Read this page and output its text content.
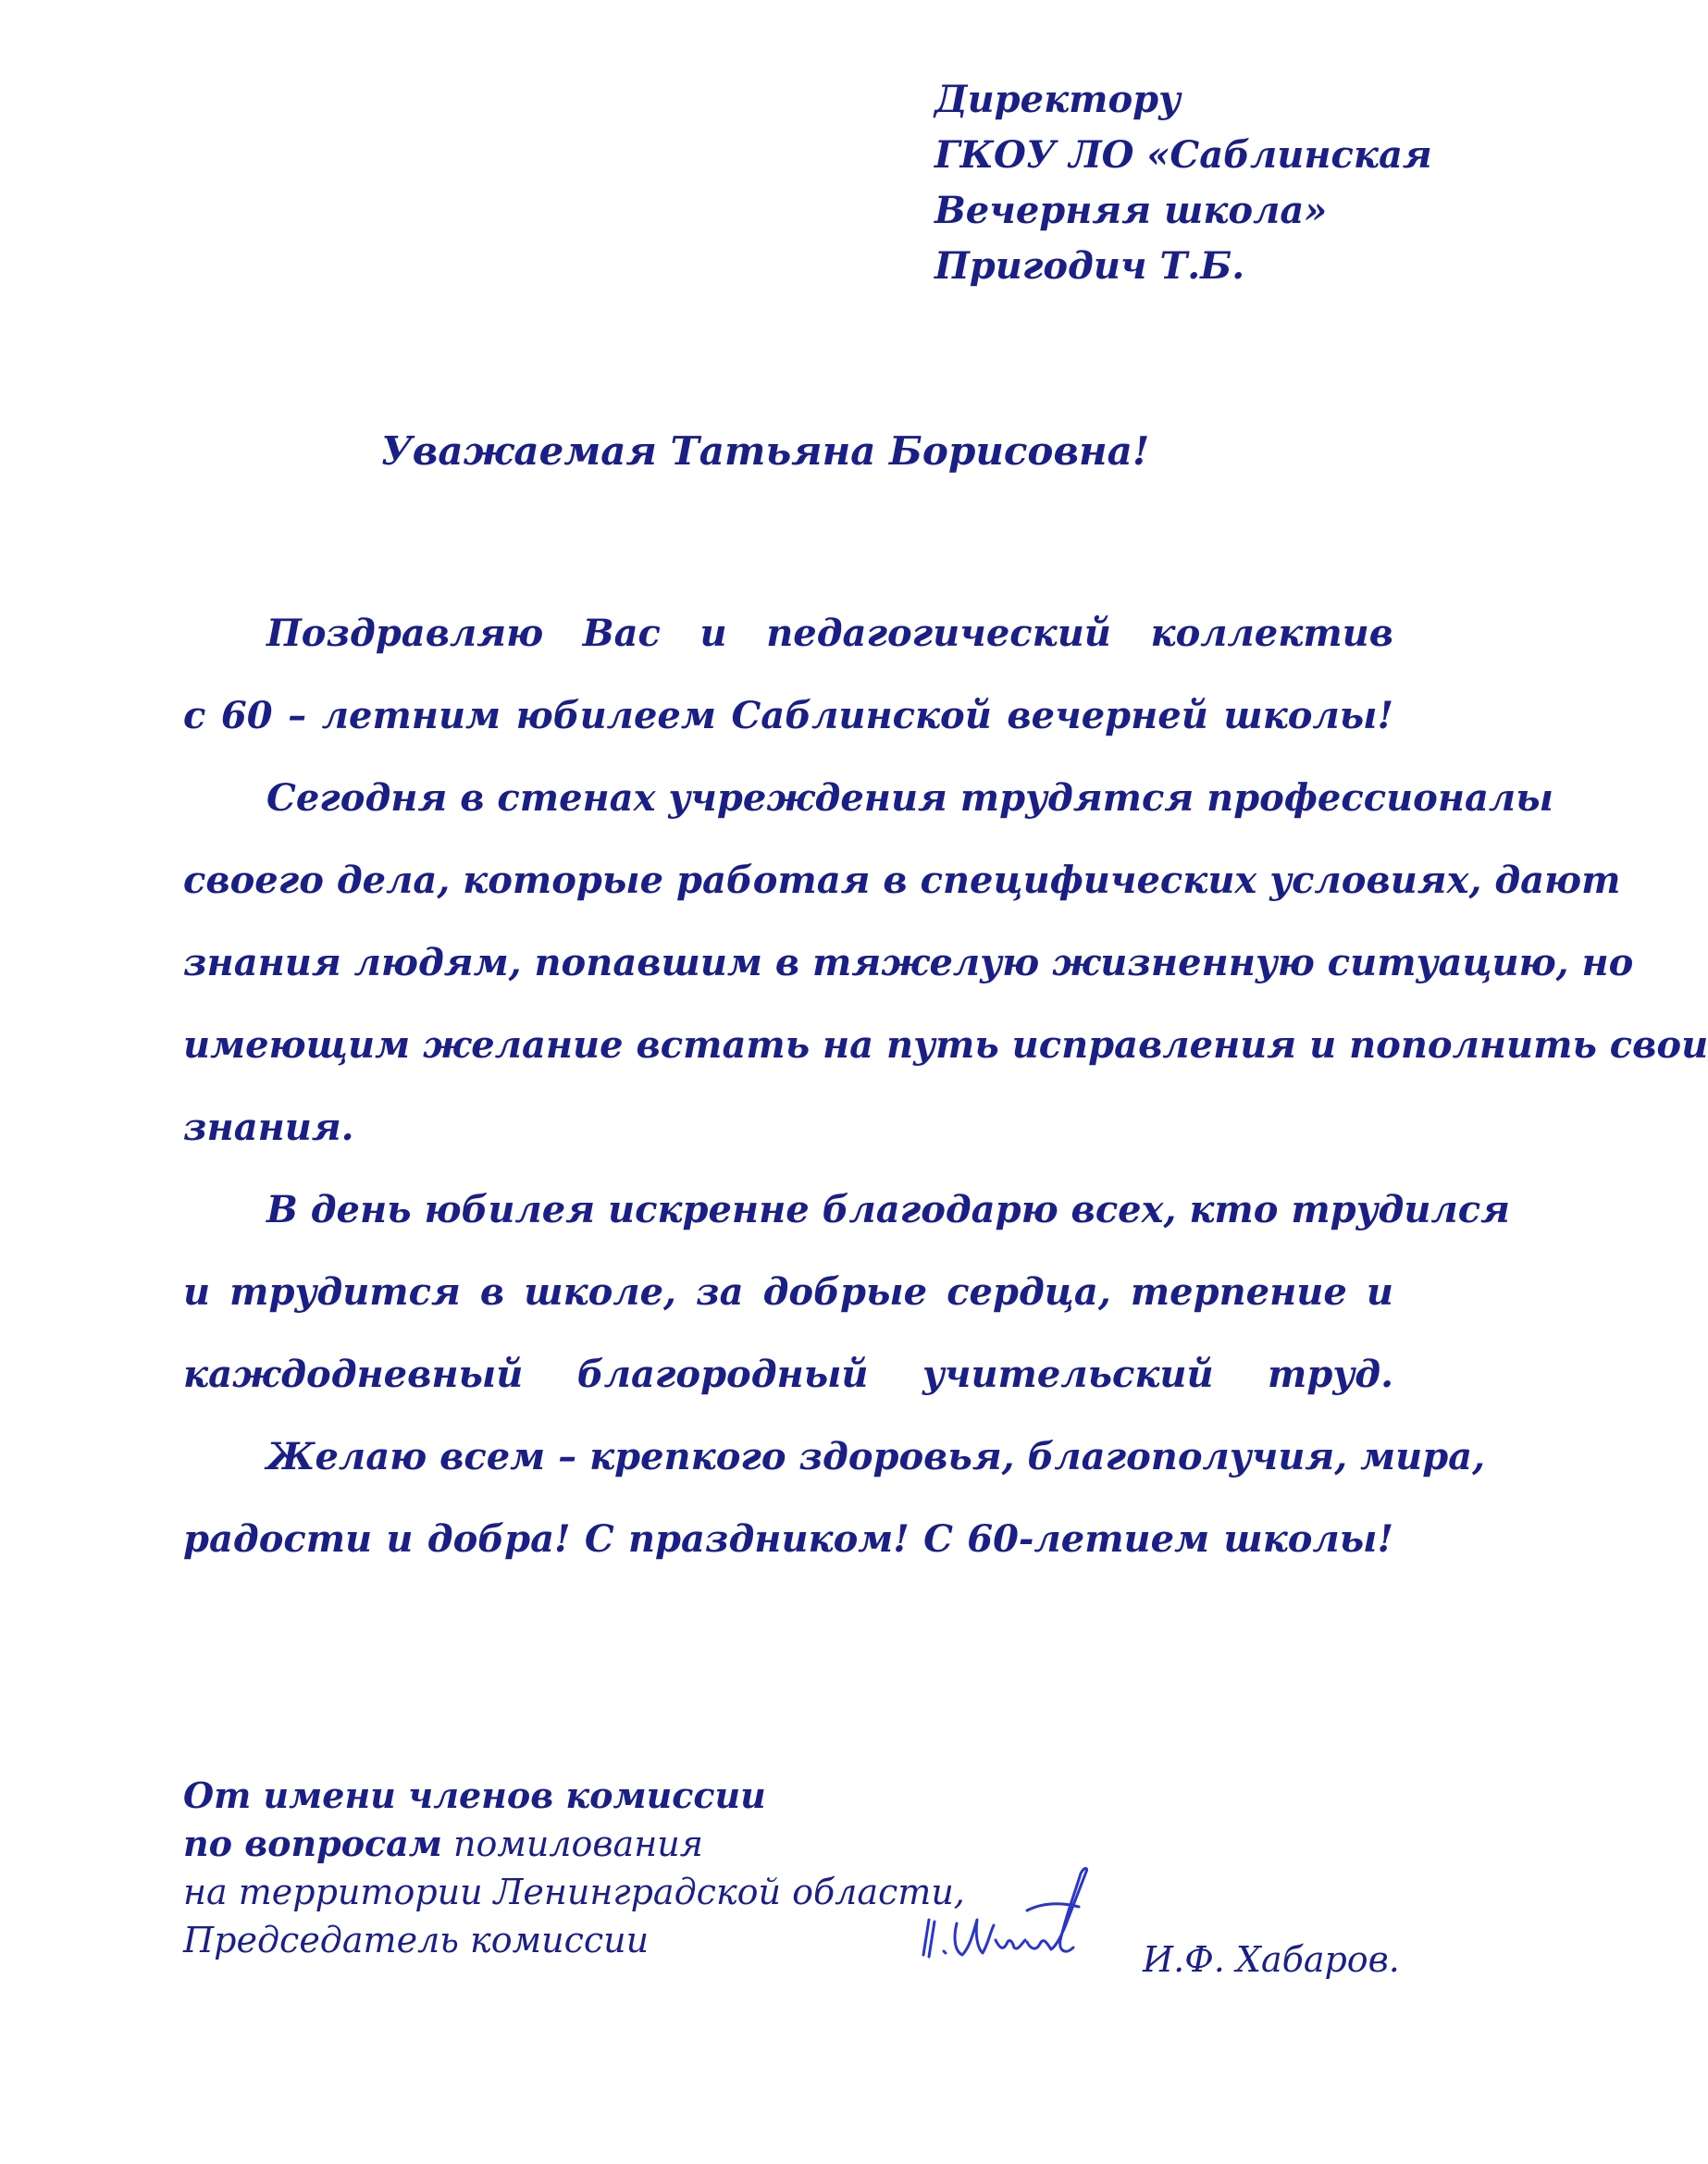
Директору
ГКОУ ЛО «Саблинская
Вечерняя школа»
Пригодич Т.Б.
Уважаемая Татьяна Борисовна!
Поздравляю Вас и педагогический коллектив
с 60 – летним юбилеем Саблинской вечерней школы!
Сегодня в стенах учреждения трудятся профессионалы
своего дела, которые работая в специфических условиях, дают
знания людям, попавшим в тяжелую жизненную ситуацию, но
имеющим желание встать на путь исправления и пополнить свои
знания.
В день юбилея искренне благодарю всех, кто трудился
и трудится в школе, за добрые сердца, терпение и
каждодневный благородный учительский труд.
Желаю всем – крепкого здоровья, благополучия, мира,
радости и добра! С праздником! С 60-летием школы!
От имени членов комиссии
по вопросам помилования
на территории Ленинградской области,
Председатель комиссии	И.Ф. Хабаров.
